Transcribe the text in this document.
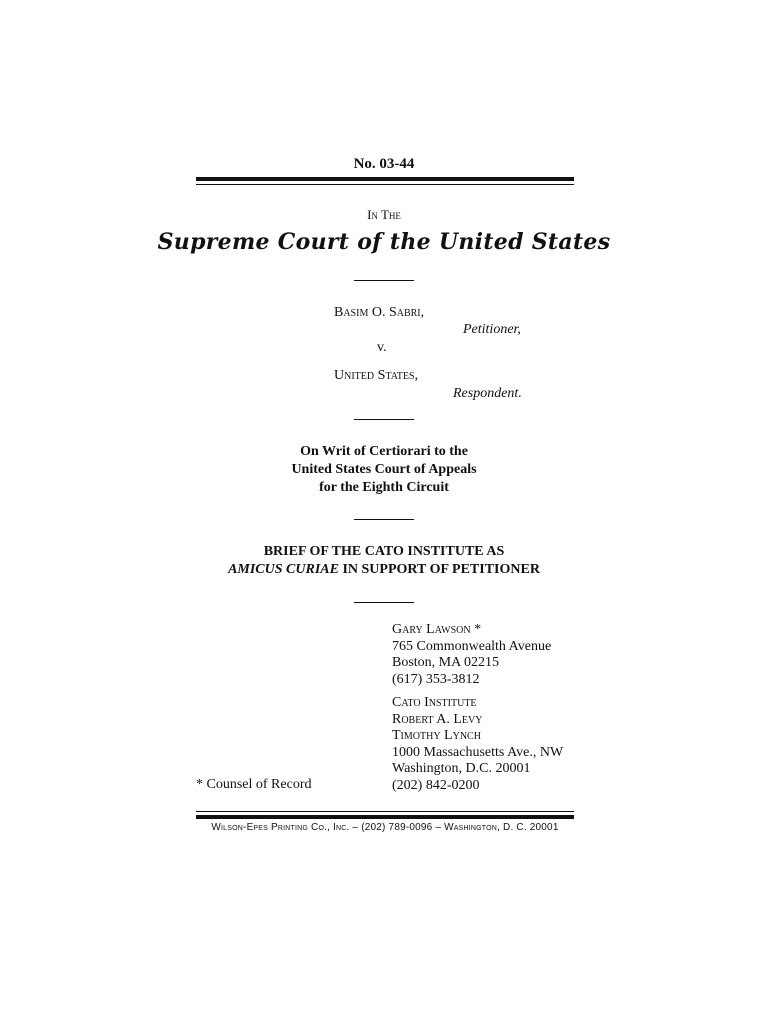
No. 03-44
In The
Supreme Court of the United States
Basim O. Sabri,
Petitioner,
v.
United States,
Respondent.
On Writ of Certiorari to the
United States Court of Appeals
for the Eighth Circuit
BRIEF OF THE CATO INSTITUTE AS
AMICUS CURIAE IN SUPPORT OF PETITIONER
Gary Lawson *
765 Commonwealth Avenue
Boston, MA 02215
(617) 353-3812
Cato Institute
Robert A. Levy
Timothy Lynch
1000 Massachusetts Ave., NW
Washington, D.C. 20001
(202) 842-0200
* Counsel of Record
Wilson-Epes Printing Co., Inc. – (202) 789-0096 – Washington, D. C. 20001
